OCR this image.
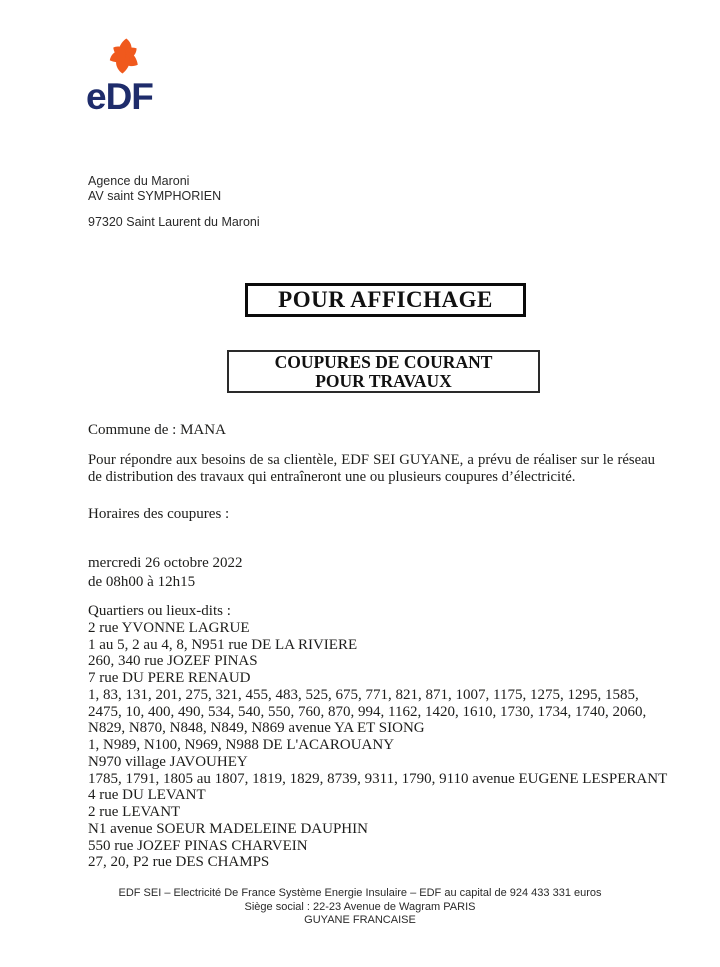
eDF
Agence du Maroni
AV saint SYMPHORIEN
97320 Saint Laurent du Maroni
POUR AFFICHAGE
COUPURES DE COURANT
POUR TRAVAUX
Commune de : MANA
Pour répondre aux besoins de sa clientèle, EDF SEI GUYANE, a prévu de réaliser sur le réseau
de distribution des travaux qui entraîneront une ou plusieurs coupures d’électricité.
Horaires des coupures :
mercredi 26 octobre 2022
de 08h00 à 12h15
Quartiers ou lieux-dits :
2 rue YVONNE LAGRUE
1 au 5, 2 au 4, 8, N951 rue DE LA RIVIERE
260, 340 rue JOZEF PINAS
7 rue DU PERE RENAUD
1, 83, 131, 201, 275, 321, 455, 483, 525, 675, 771, 821, 871, 1007, 1175, 1275, 1295, 1585,
2475, 10, 400, 490, 534, 540, 550, 760, 870, 994, 1162, 1420, 1610, 1730, 1734, 1740, 2060,
N829, N870, N848, N849, N869 avenue YA ET SIONG
1, N989, N100, N969, N988 DE L'ACAROUANY
N970 village JAVOUHEY
1785, 1791, 1805 au 1807, 1819, 1829, 8739, 9311, 1790, 9110 avenue EUGENE LESPERANT
4 rue DU LEVANT
2 rue LEVANT
N1 avenue SOEUR MADELEINE DAUPHIN
550 rue JOZEF PINAS CHARVEIN
27, 20, P2 rue DES CHAMPS
EDF SEI – Electricité De France Système Energie Insulaire – EDF au capital de 924 433 331 euros
Siège social : 22-23 Avenue de Wagram PARIS
GUYANE FRANCAISE
